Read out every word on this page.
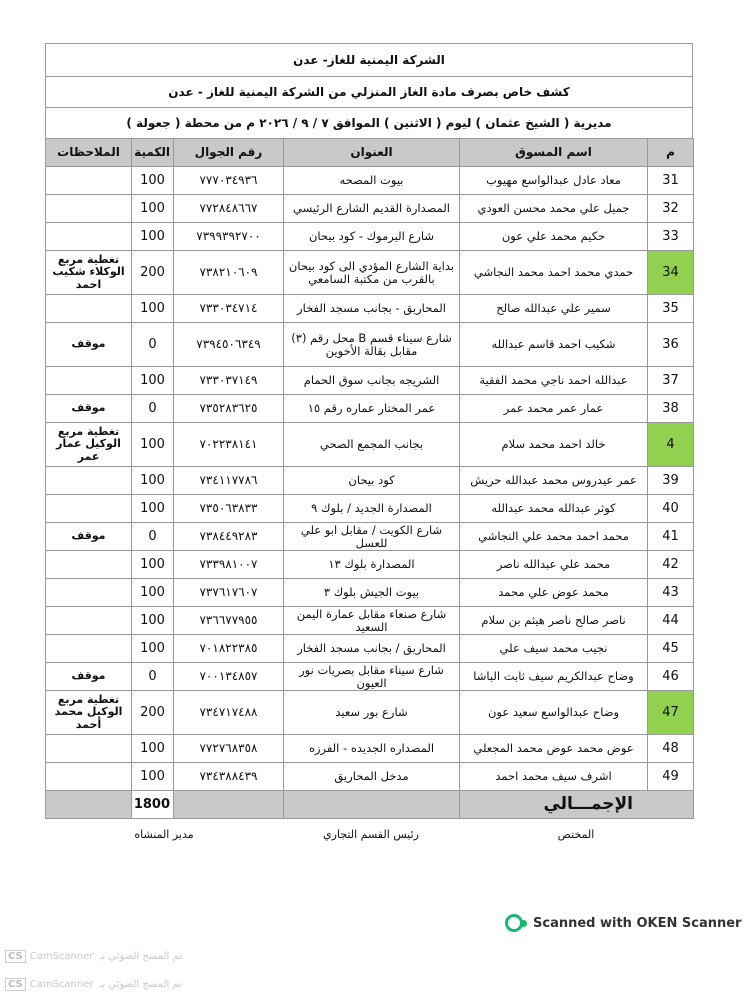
الشركة اليمنية للغاز- عدن
كشف خاص بصرف مادة الغاز المنزلي من الشركة اليمنية للغاز - عدن
مديرية ( الشيخ عثمان ) ليوم ( الاثنين ) الموافق ٧ / ٩ / ٢٠٢٦ م من محطة ( جعولة )
م	اسم المسوق	العنوان	رقم الجوال	الكمية	الملاحظات
31	معاد عادل عبدالواسع مهيوب	بيوت المصحه	٧٧٧٠٣٤٩٣٦	100	
32	جميل علي محمد محسن العودي	المصدارة القديم الشارع الرئيسي	٧٧٢٨٤٨٦٦٧	100	
33	حكيم محمد علي عون	شارع اليرموك - كود بيحان	٧٣٩٩٣٩٢٧٠٠	100	
34	حمدي محمد احمد محمد النجاشي	بداية الشارع المؤدي الى كود بيحان بالقرب من مكتبة السامعي	٧٣٨٢١٠٦٠٩	200	تغطية مربع الوكلاء شكيب احمد
35	سمير علي عبدالله صالح	المحاريق - بجانب مسجد الفخار	٧٣٣٠٣٤٧١٤	100	
36	شكيب احمد قاسم عبدالله	شارع سيناء قسم B محل رقم (٣) مقابل بقالة الأخوين	٧٣٩٤٥٠٦٣٤٩	0	موقف
37	عبدالله احمد ناجي محمد الفقية	الشريجه بجانب سوق الحمام	٧٣٣٠٣٧١٤٩	100	
38	عمار عمر محمد عمر	عمر المختار عماره رقم ١٥	٧٣٥٢٨٣٦٢٥	0	موقف
4	خالد احمد محمد سلام	بجانب المجمع الصحي	٧٠٢٢٣٨١٤١	100	تغطية مربع الوكيل عمار عمر
39	عمر عيدروس محمد عبدالله حريش	كود بيحان	٧٣٤١١٧٧٨٦	100	
40	كوثر عبدالله محمد عبدالله	المصدارة الجديد / بلوك ٩	٧٣٥٠٦٣٨٣٣	100	
41	محمد احمد محمد علي النجاشي	شارع الكويت / مقابل ابو علي للعسل	٧٣٨٤٤٩٢٨٣	0	موقف
42	محمد علي عبدالله ناصر	المصدارة بلوك ١٣	٧٣٣٩٨١٠٠٧	100	
43	محمد عوض علي محمد	بيوت الجيش بلوك ٣	٧٣٧٦١٧٦٠٧	100	
44	ناصر صالح ناصر هيثم بن سلام	شارع صنعاء مقابل عمارة اليمن السعيد	٧٣٦٦٧٧٩٥٥	100	
45	نجيب محمد سيف علي	المحاريق / بجانب مسجد الفخار	٧٠١٨٢٢٣٨٥	100	
46	وضاح عبدالكريم سيف ثابت الباشا	شارع سيناء مقابل بصريات نور العيون	٧٠٠١٣٤٨٥٧	0	موقف
47	وضاح عبدالواسع سعيد عون	شارع بور سعيد	٧٣٤٧١٧٤٨٨	200	تغطية مربع الوكيل محمد أحمد
48	عوض محمد عوض محمد المجعلي	المصداره الجديده - الفرزه	٧٧٢٧٦٨٣٥٨	100	
49	اشرف سيف محمد احمد	مدخل المحاريق	٧٣٤٣٨٨٤٣٩	100	
الإجمـــالي				1800	
المختص
رئيس القسم التجاري
مدير المنشاه
Scanned with OKEN Scanner
CS CamScanner تم المسح الضوئي بـ
CS CamScanner تم المسح الضوئي بـ
